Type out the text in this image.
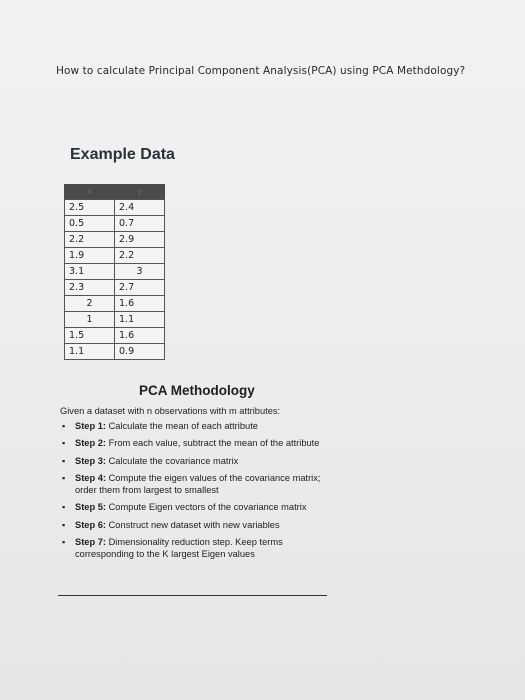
How to calculate Principal Component Analysis(PCA) using PCA Methdology?
Example Data
x	y
2.5	2.4
0.5	0.7
2.2	2.9
1.9	2.2
3.1	3
2.3	2.7
2	1.6
1	1.1
1.5	1.6
1.1	0.9
PCA Methodology
Given a dataset with n observations with m attributes:
▪ Step 1: Calculate the mean of each attribute
▪ Step 2: From each value, subtract the mean of the attribute
▪ Step 3: Calculate the covariance matrix
▪ Step 4: Compute the eigen values of the covariance matrix; order them from largest to smallest
▪ Step 5: Compute Eigen vectors of the covariance matrix
▪ Step 6: Construct new dataset with new variables
▪ Step 7: Dimensionality reduction step. Keep terms corresponding to the K largest Eigen values
